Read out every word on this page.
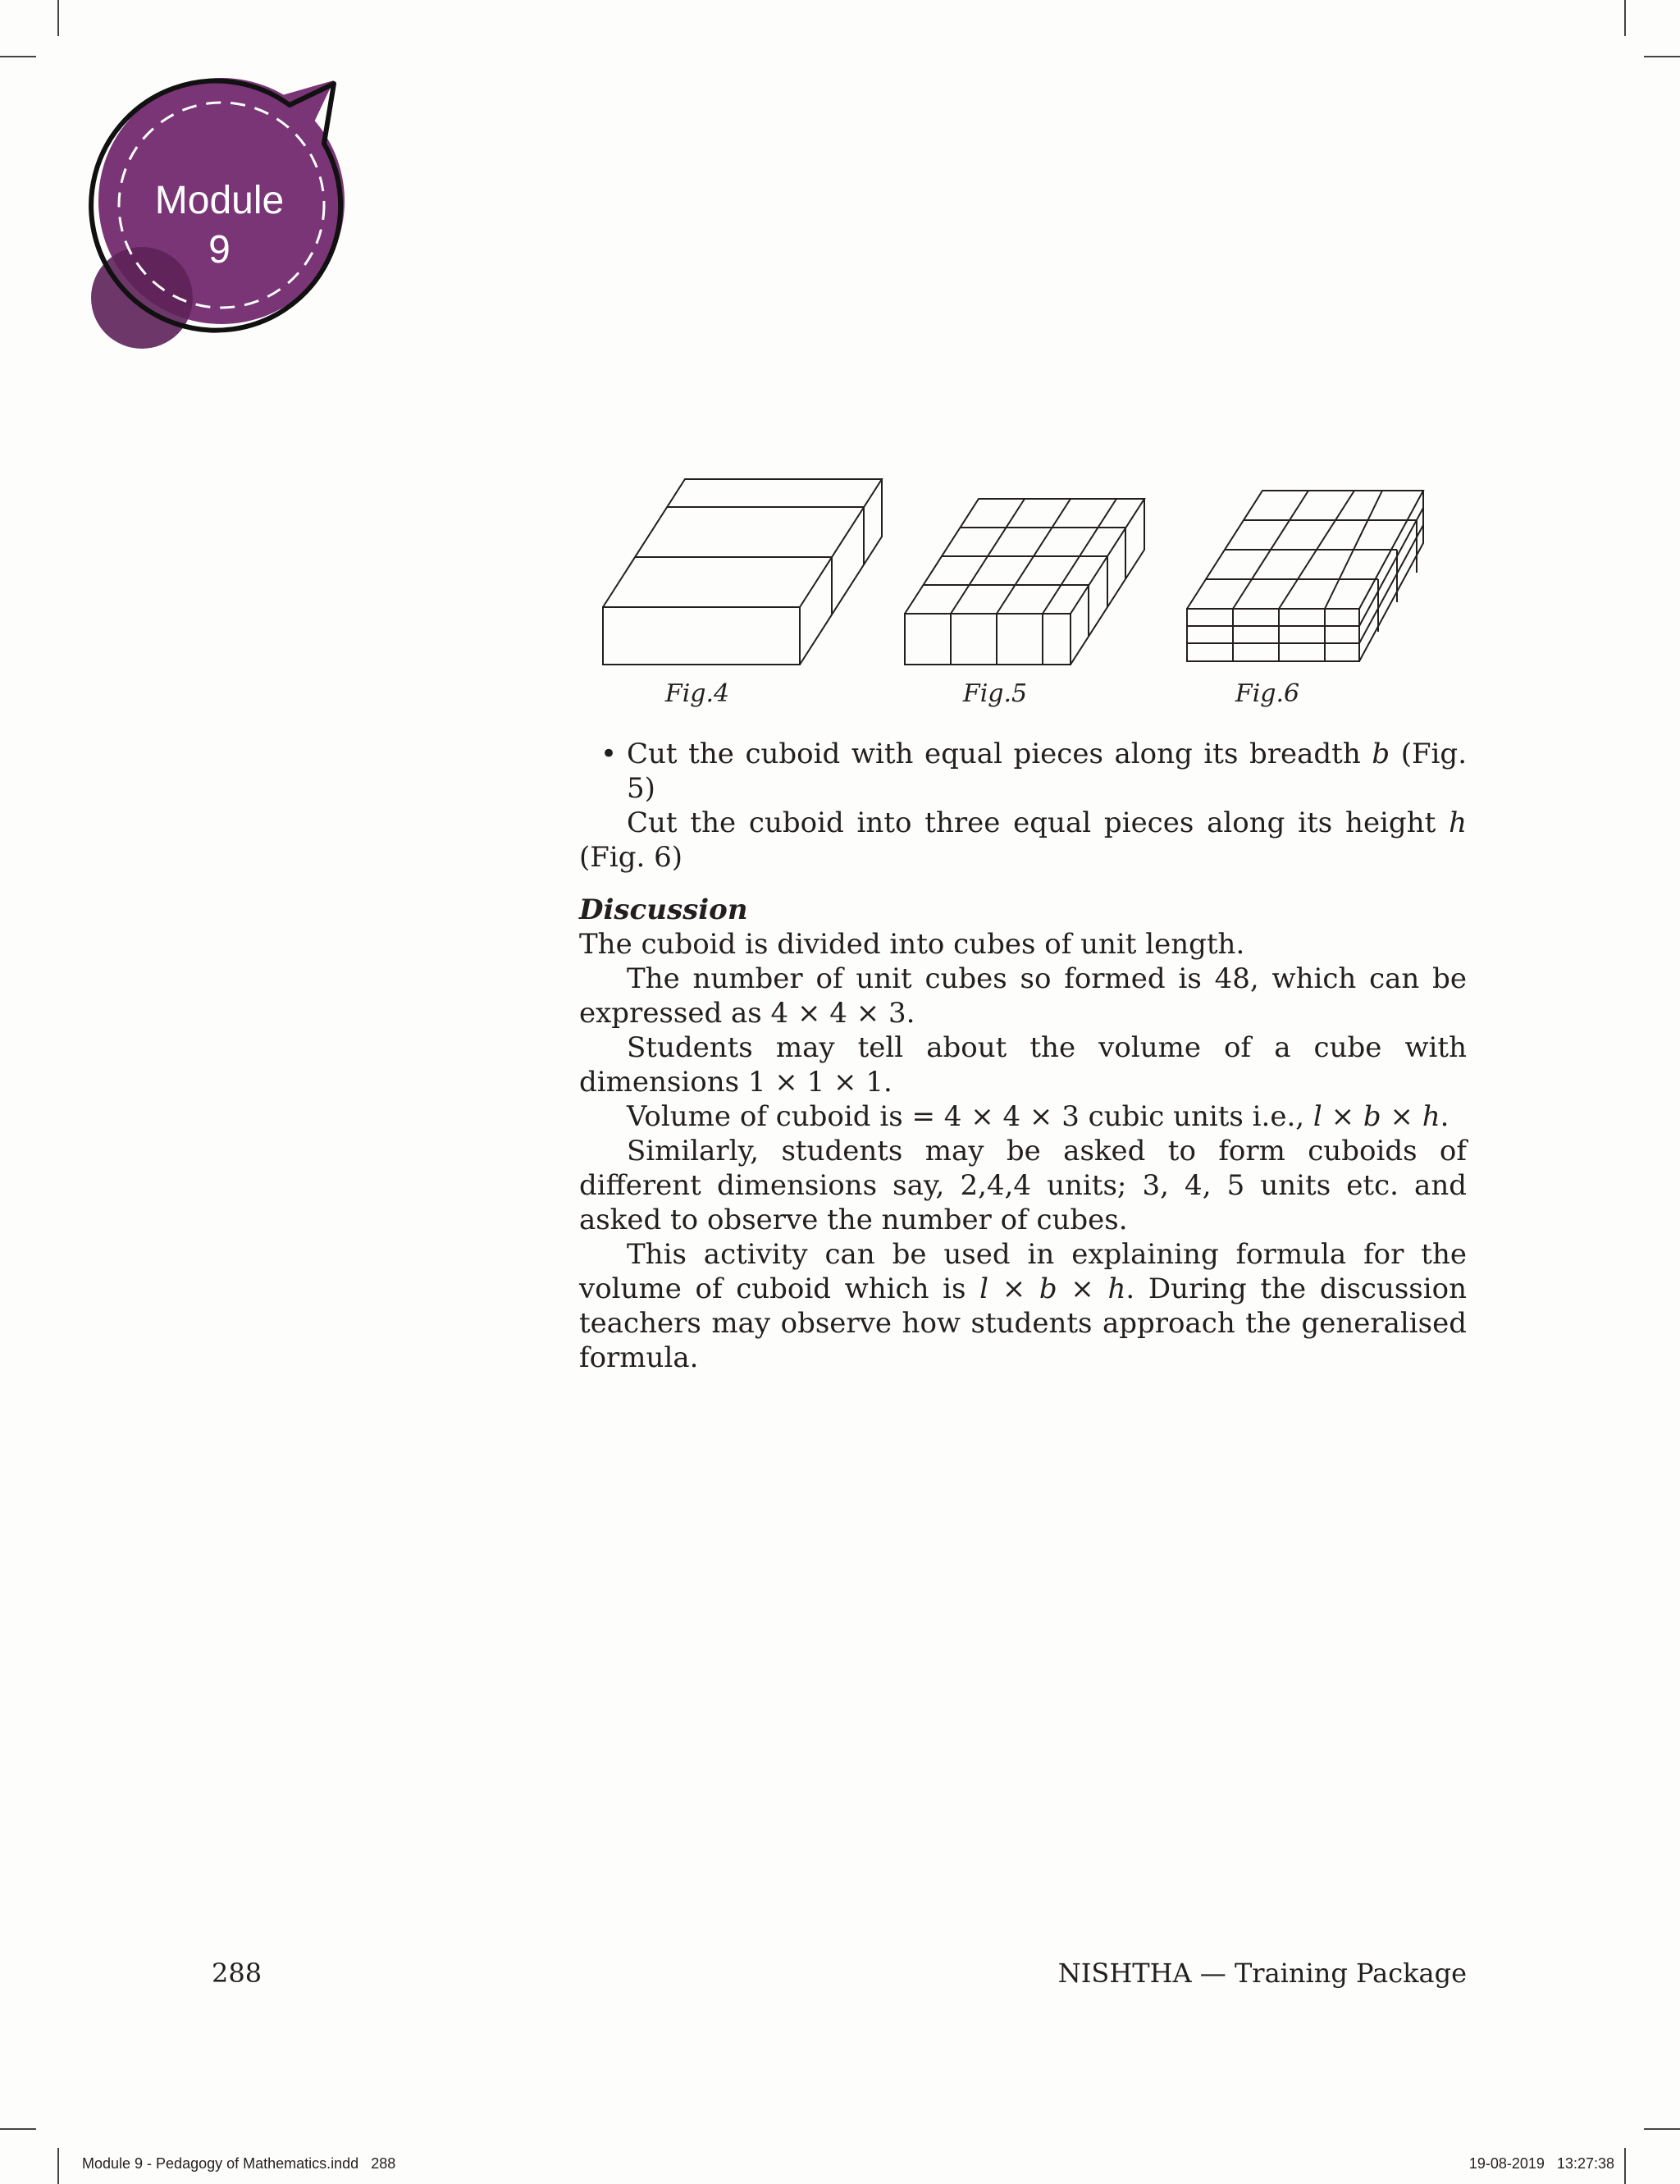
Module
9
Fig.4	Fig.5	Fig.6

• Cut the cuboid with equal pieces along its breadth b (Fig. 5)

Cut the cuboid into three equal pieces along its height h (Fig. 6)

Discussion

The cuboid is divided into cubes of unit length.

The number of unit cubes so formed is 48, which can be expressed as 4 × 4 × 3.

Students may tell about the volume of a cube with dimensions 1 × 1 × 1.

Volume of cuboid is = 4 × 4 × 3 cubic units i.e., l × b × h.

Similarly, students may be asked to form cuboids of different dimensions say, 2,4,4 units; 3, 4, 5 units etc. and asked to observe the number of cubes.

This activity can be used in explaining formula for the volume of cuboid which is l × b × h. During the discussion teachers may observe how students approach the generalised formula.

288	NISHTHA — Training Package
Module 9 - Pedagogy of Mathematics.indd   288	19-08-2019   13:27:38
